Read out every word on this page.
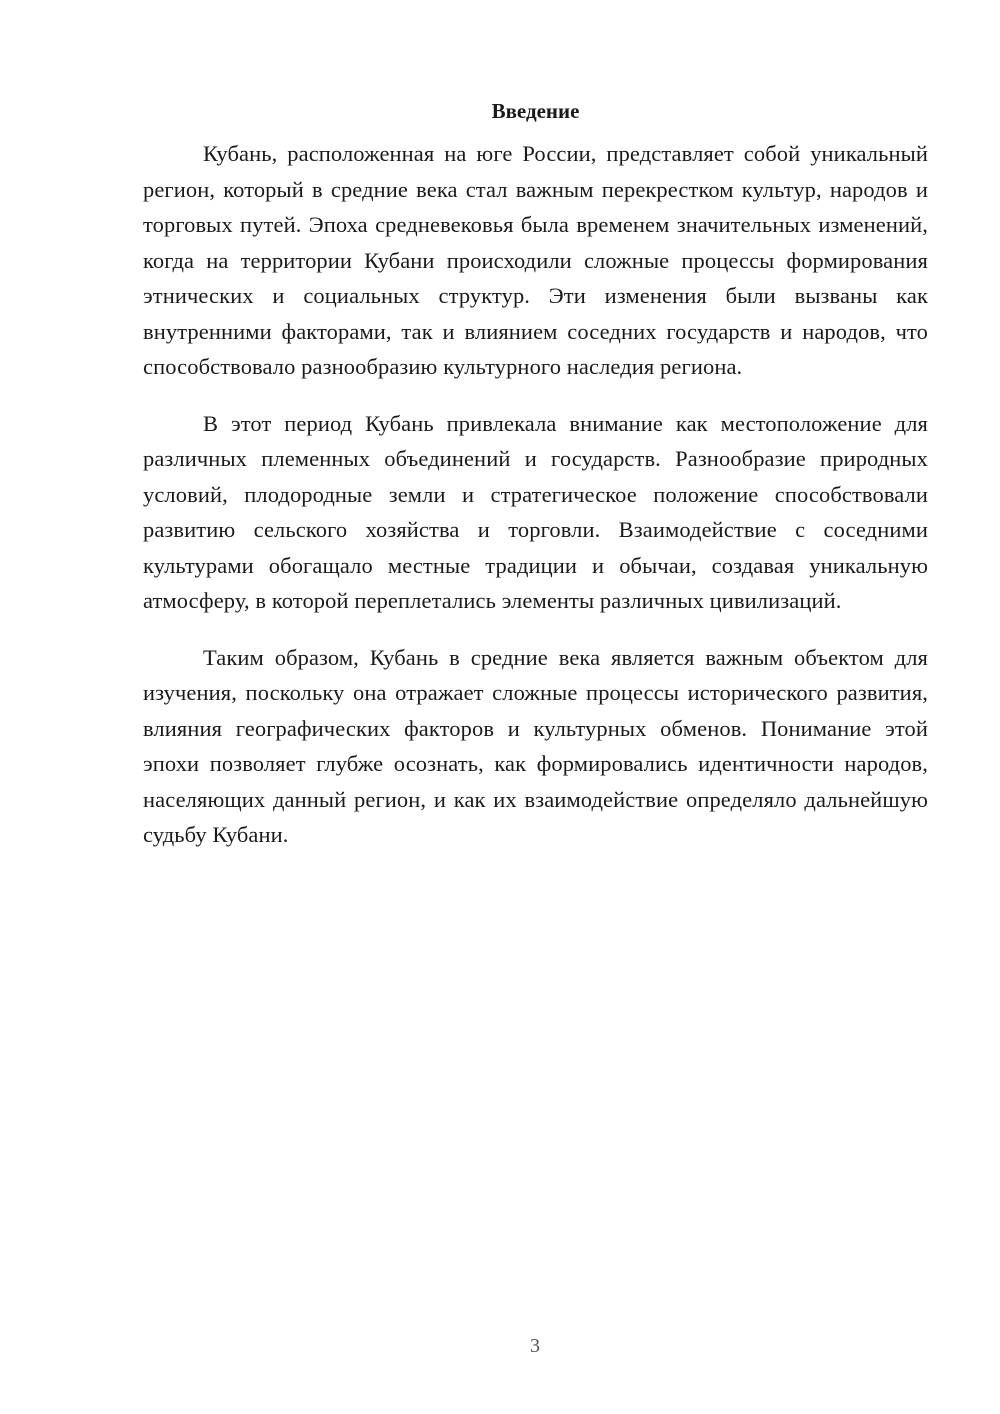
Введение

Кубань, расположенная на юге России, представляет собой уникальный регион, который в средние века стал важным перекрестком культур, народов и торговых путей. Эпоха средневековья была временем значительных изменений, когда на территории Кубани происходили сложные процессы формирования этнических и социальных структур. Эти изменения были вызваны как внутренними факторами, так и влиянием соседних государств и народов, что способствовало разнообразию культурного наследия региона.

В этот период Кубань привлекала внимание как местоположение для различных племенных объединений и государств. Разнообразие природных условий, плодородные земли и стратегическое положение способствовали развитию сельского хозяйства и торговли. Взаимодействие с соседними культурами обогащало местные традиции и обычаи, создавая уникальную атмосферу, в которой переплетались элементы различных цивилизаций.

Таким образом, Кубань в средние века является важным объектом для изучения, поскольку она отражает сложные процессы исторического развития, влияния географических факторов и культурных обменов. Понимание этой эпохи позволяет глубже осознать, как формировались идентичности народов, населяющих данный регион, и как их взаимодействие определяло дальнейшую судьбу Кубани.

3
